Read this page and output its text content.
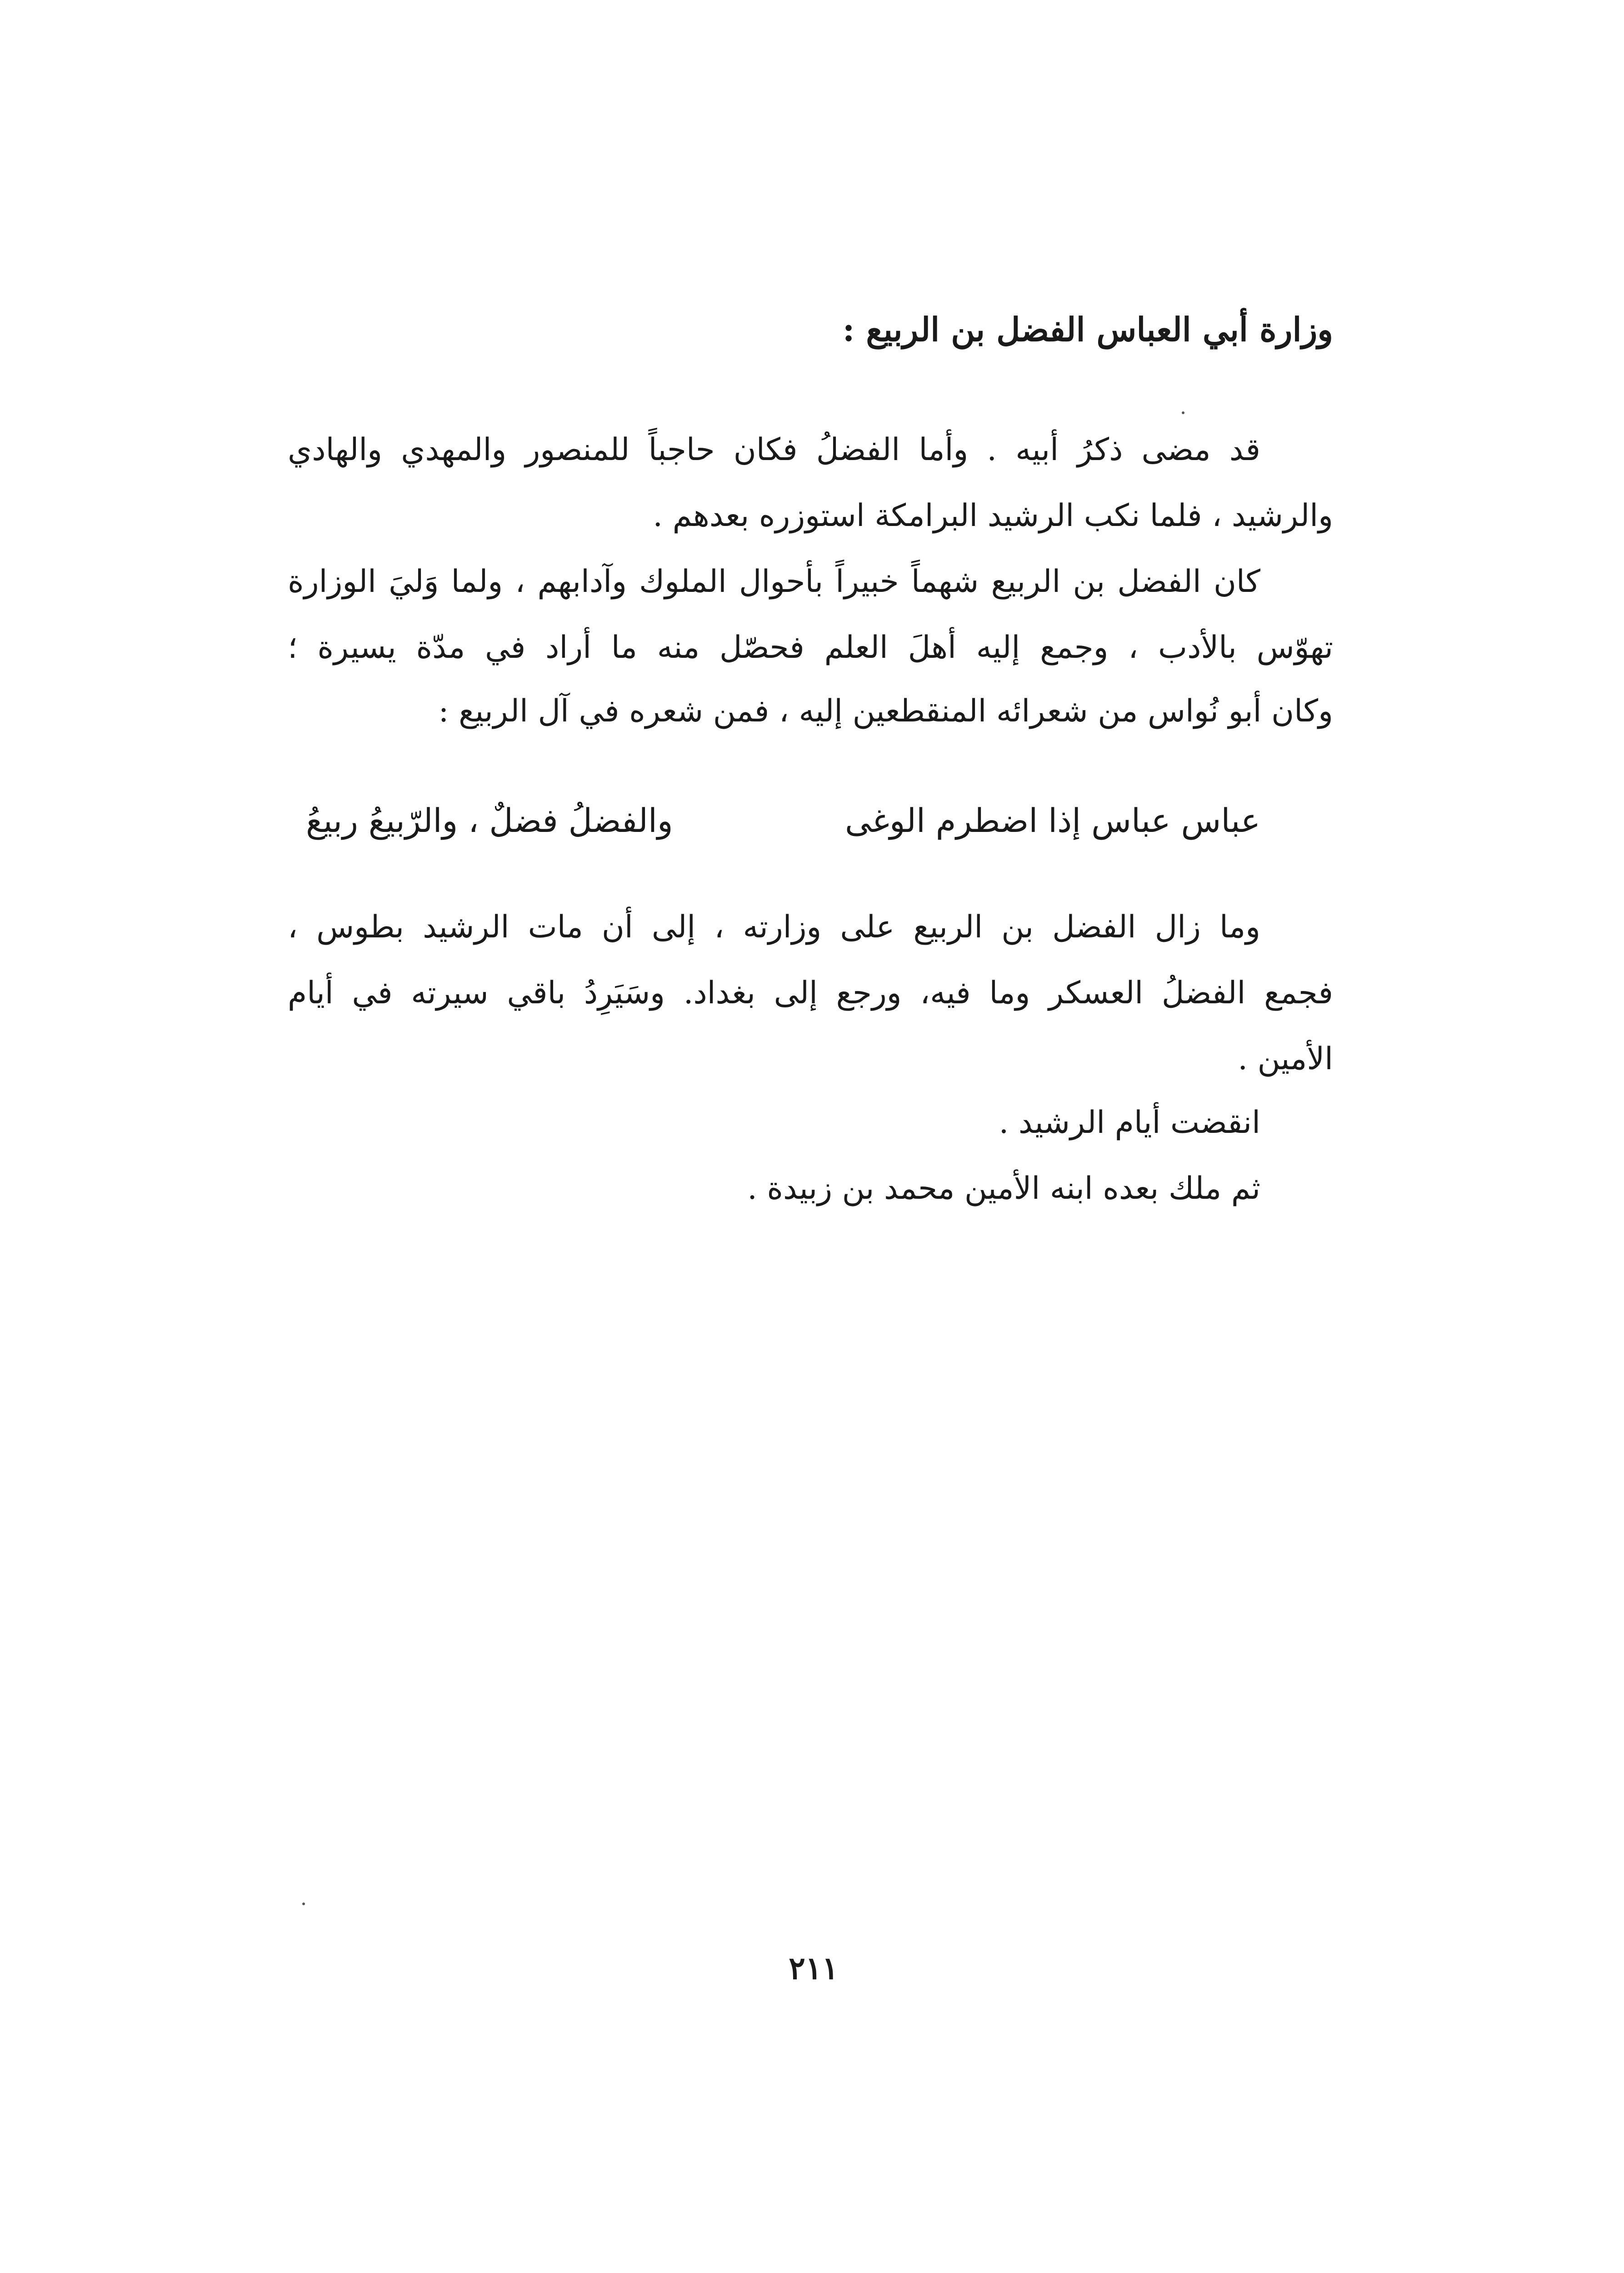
وزارة أبي العباس الفضل بن الربيع :
قد مضى ذكرُ أبيه . وأما الفضلُ فكان حاجباً للمنصور والمهدي والهادي
والرشيد ، فلما نكب الرشيد البرامكة استوزره بعدهم .
كان الفضل بن الربيع شهماً خبيراً بأحوال الملوك وآدابهم ، ولما وَليَ الوزارة
تهوّس بالأدب ، وجمع إليه أهلَ العلم فحصّل منه ما أراد في مدّة يسيرة ؛
وكان أبو نُواس من شعرائه المنقطعين إليه ، فمن شعره في آل الربيع :
عباس عباس إذا اضطرم الوغى
والفضلُ فضلٌ ، والرّبيعُ ربيعُ
وما زال الفضل بن الربيع على وزارته ، إلى أن مات الرشيد بطوس ،
فجمع الفضلُ العسكر وما فيه، ورجع إلى بغداد. وسَيَرِدُ باقي سيرته في أيام
الأمين .
انقضت أيام الرشيد .
ثم ملك بعده ابنه الأمين محمد بن زبيدة .
٢١١
